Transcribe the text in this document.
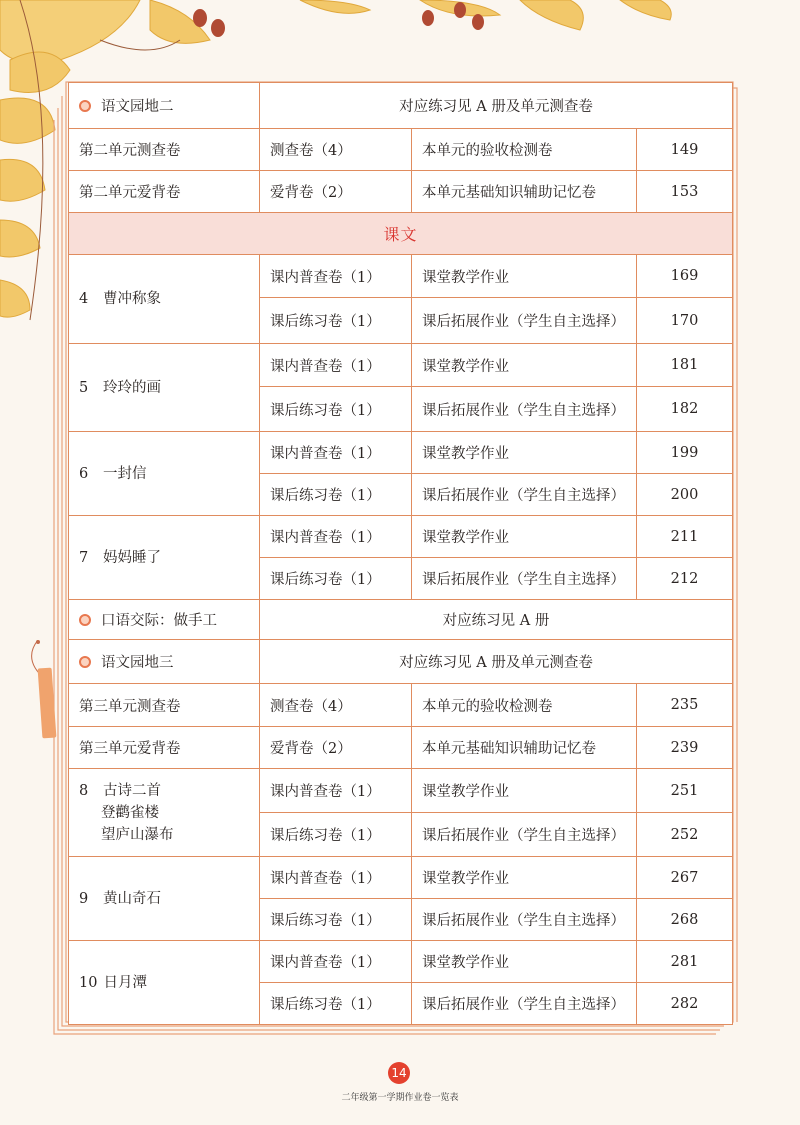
语文园地二	对应练习见 A 册及单元测查卷		
第二单元测查卷	测查卷（4）	本单元的验收检测卷	149
第二单元爱背卷	爱背卷（2）	本单元基础知识辅助记忆卷	153
课文			

4 曹冲称象	课内普查卷（1）	课堂教学作业	169
	课后练习卷（1）	课后拓展作业（学生自主选择）	170

5 玲玲的画	课内普查卷（1）	课堂教学作业	181
	课后练习卷（1）	课后拓展作业（学生自主选择）	182

6 一封信	课内普查卷（1）	课堂教学作业	199
	课后练习卷（1）	课后拓展作业（学生自主选择）	200

7 妈妈睡了	课内普查卷（1）	课堂教学作业	211
	课后练习卷（1）	课后拓展作业（学生自主选择）	212
口语交际：做手工	对应练习见 A 册		
语文园地三	对应练习见 A 册及单元测查卷		
第三单元测查卷	测查卷（4）	本单元的验收检测卷	235
第三单元爱背卷	爱背卷（2）	本单元基础知识辅助记忆卷	239

8 古诗二首
登鹳雀楼
望庐山瀑布	课内普查卷（1）	课堂教学作业	251
	课后练习卷（1）	课后拓展作业（学生自主选择）	252

9 黄山奇石	课内普查卷（1）	课堂教学作业	267
	课后练习卷（1）	课后拓展作业（学生自主选择）	268

10 日月潭	课内普查卷（1）	课堂教学作业	281
	课后练习卷（1）	课后拓展作业（学生自主选择）	282
14
二年级第一学期作业卷一览表
